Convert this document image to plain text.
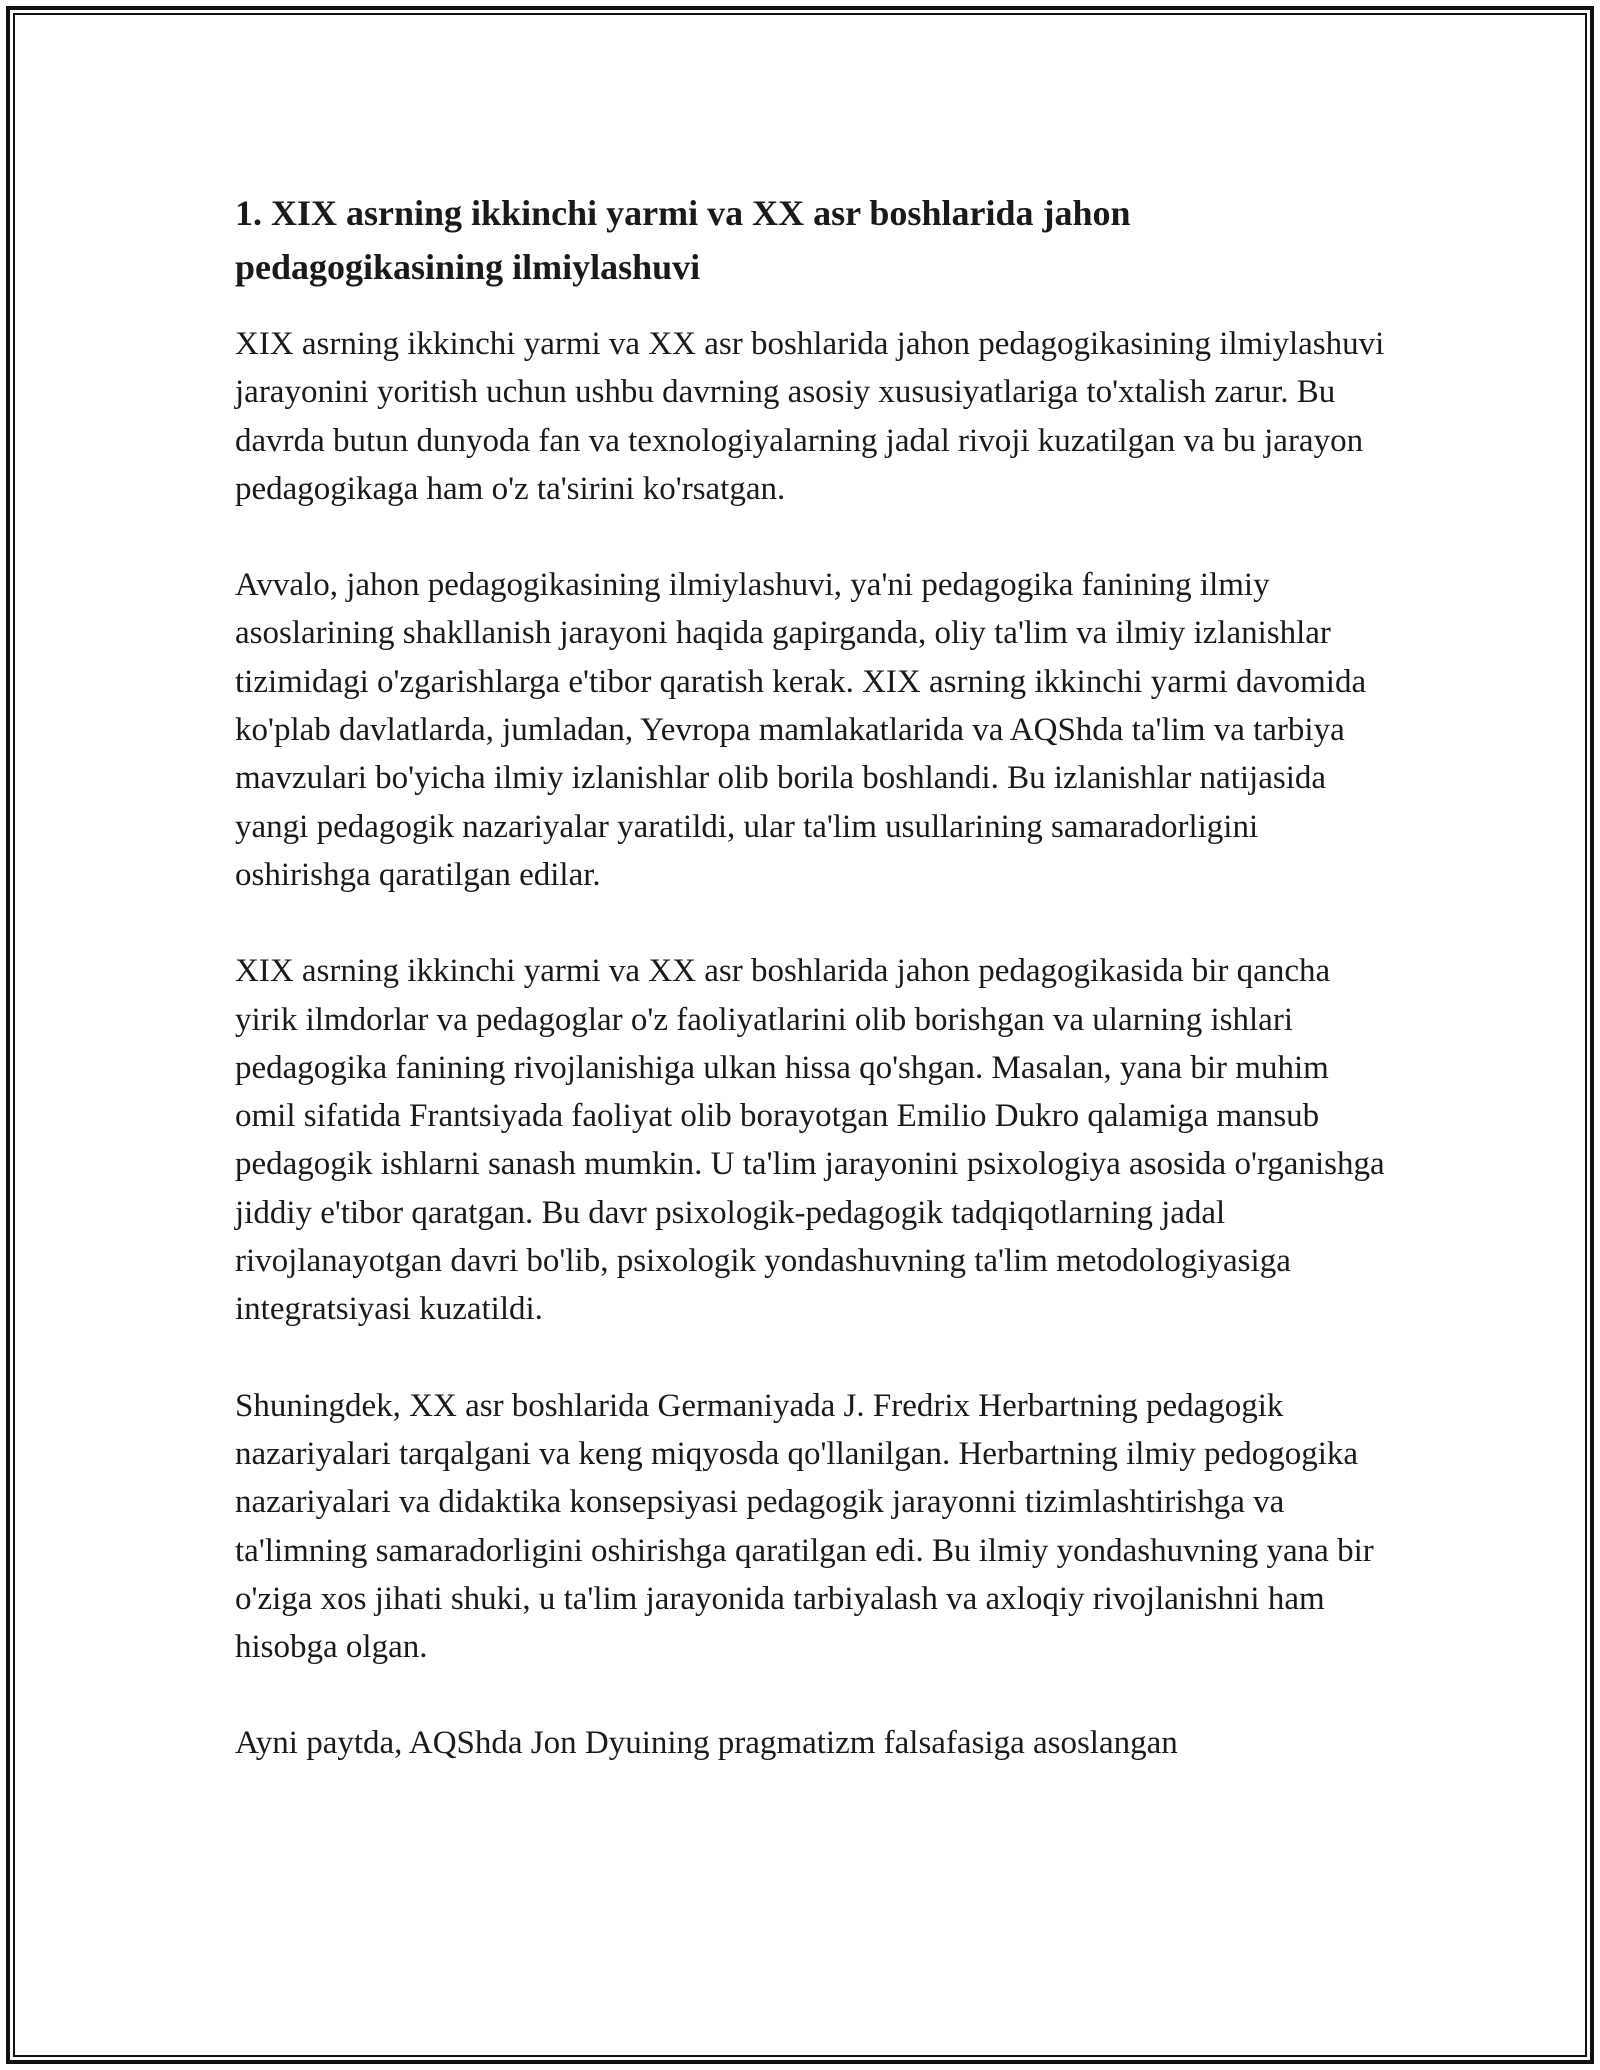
1. XIX asrning ikkinchi yarmi va XX asr boshlarida jahon pedagogikasining ilmiylashuvi

XIX asrning ikkinchi yarmi va XX asr boshlarida jahon pedagogikasining ilmiylashuvi jarayonini yoritish uchun ushbu davrning asosiy xususiyatlariga to'xtalish zarur. Bu davrda butun dunyoda fan va texnologiyalarning jadal rivoji kuzatilgan va bu jarayon pedagogikaga ham o'z ta'sirini ko'rsatgan.

Avvalo, jahon pedagogikasining ilmiylashuvi, ya'ni pedagogika fanining ilmiy asoslarining shakllanish jarayoni haqida gapirganda, oliy ta'lim va ilmiy izlanishlar tizimidagi o'zgarishlarga e'tibor qaratish kerak. XIX asrning ikkinchi yarmi davomida ko'plab davlatlarda, jumladan, Yevropa mamlakatlarida va AQShda ta'lim va tarbiya mavzulari bo'yicha ilmiy izlanishlar olib borila boshlandi. Bu izlanishlar natijasida yangi pedagogik nazariyalar yaratildi, ular ta'lim usullarining samaradorligini oshirishga qaratilgan edilar.

XIX asrning ikkinchi yarmi va XX asr boshlarida jahon pedagogikasida bir qancha yirik ilmdorlar va pedagoglar o'z faoliyatlarini olib borishgan va ularning ishlari pedagogika fanining rivojlanishiga ulkan hissa qo'shgan. Masalan, yana bir muhim omil sifatida Frantsiyada faoliyat olib borayotgan Emilio Dukro qalamiga mansub pedagogik ishlarni sanash mumkin. U ta'lim jarayonini psixologiya asosida o'rganishga jiddiy e'tibor qaratgan. Bu davr psixologik-pedagogik tadqiqotlarning jadal rivojlanayotgan davri bo'lib, psixologik yondashuvning ta'lim metodologiyasiga integratsiyasi kuzatildi.

Shuningdek, XX asr boshlarida Germaniyada J. Fredrix Herbartning pedagogik nazariyalari tarqalgani va keng miqyosda qo'llanilgan. Herbartning ilmiy pedogogika nazariyalari va didaktika konsepsiyasi pedagogik jarayonni tizimlashtirishga va ta'limning samaradorligini oshirishga qaratilgan edi. Bu ilmiy yondashuvning yana bir o'ziga xos jihati shuki, u ta'lim jarayonida tarbiyalash va axloqiy rivojlanishni ham hisobga olgan.

Ayni paytda, AQShda Jon Dyuining pragmatizm falsafasiga asoslangan
